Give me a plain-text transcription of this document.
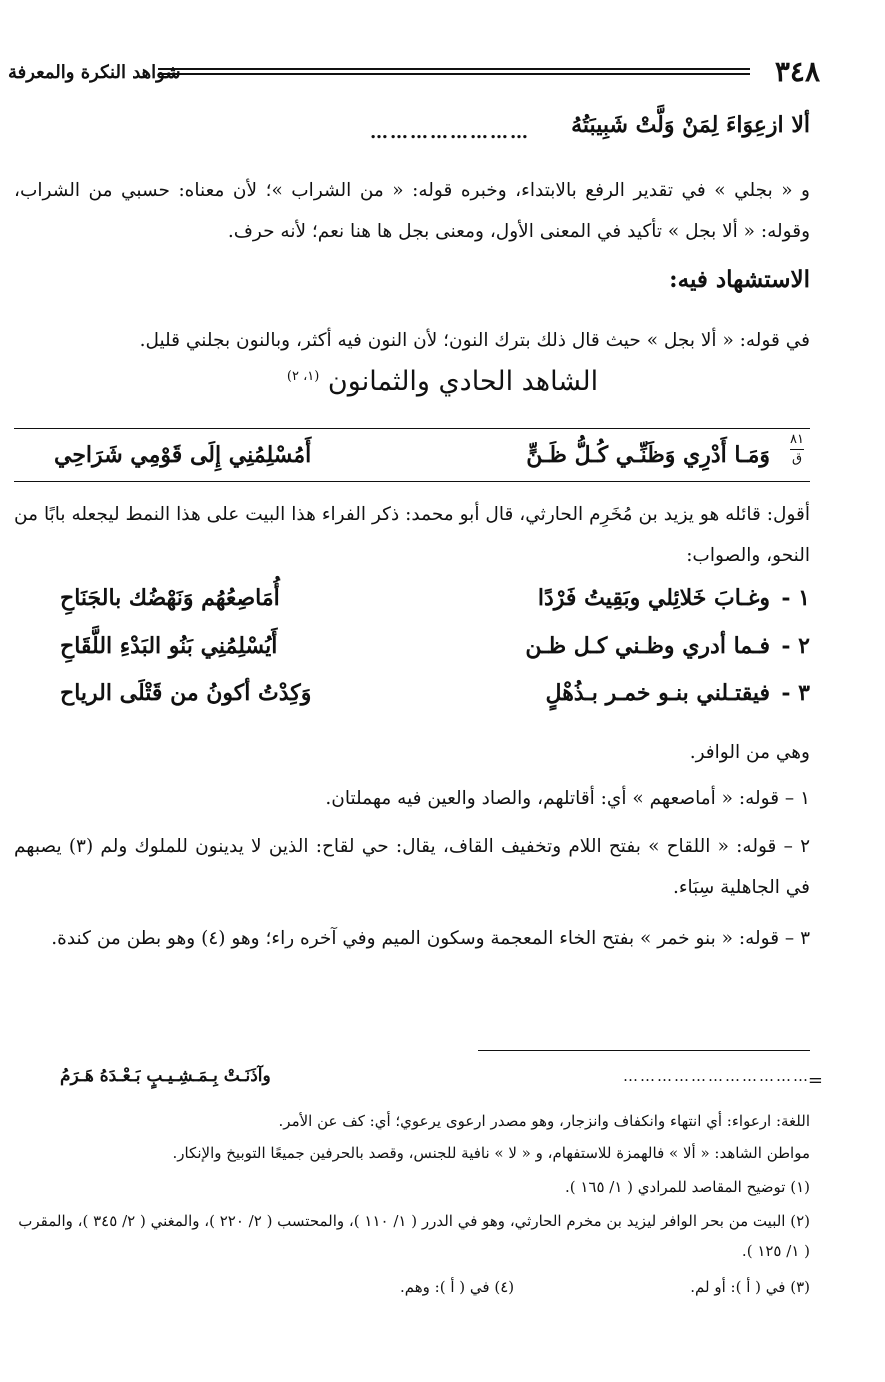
٣٤٨
شواهد النكرة والمعرفة
ألا ازعِوَاءَ لِمَنْ وَلَّتْ شَبِيبَتُهُ
……………………
و « بجلي » في تقدير الرفع بالابتداء، وخبره قوله: « من الشراب »؛ لأن معناه: حسبي من الشراب، وقوله: « ألا بجل » تأكيد في المعنى الأول، ومعنى بجل ها هنا نعم؛ لأنه حرف.
الاستشهاد فيه:
في قوله: « ألا بجل » حيث قال ذلك بترك النون؛ لأن النون فيه أكثر، وبالنون بجلني قليل.
الشاهد الحادي والثمانون $^{(١، ٢)}$
٨١
ق
وَمَـا أَدْرِي وَظَنِّـي كُـلُّ ظَـنٍّ
أَمُسْلِمُنِي إِلَى قَوْمِي شَرَاحِي
أقول: قائله هو يزيد بن مُخَرِم الحارثي، قال أبو محمد: ذكر الفراء هذا البيت على هذا النمط ليجعله بابًا من النحو، والصواب:
١ -
وغـابَ خَلائِلي وبَقِيتُ فَرْدًا
أُمَاصِعُهُم وَنَهْضُك بالجَنَاحِ
٢ -
فـما أدري وظـني كـل ظـن
أَيُسْلِمُنِي بَنُو البَدْءِ اللَّقَاحِ
٣ -
فيقتـلني بنـو خمـر بـذُهْلٍ
وَكِدْتُ أكونُ من قَتْلَى الرياح
وهي من الوافر.
١ – قوله: « أماصعهم » أي: أقاتلهم، والصاد والعين فيه مهملتان.
٢ – قوله: « اللقاح » بفتح اللام وتخفيف القاف، يقال: حي لقاح: الذين لا يدينون للملوك ولم (٣) يصبهم في الجاهلية سِبَاء.
٣ – قوله: « بنو خمر » بفتح الخاء المعجمة وسكون الميم وفي آخره راء؛ وهو (٤) وهو بطن من كندة.
=
……………………………
وآذَنَـتْ بِـمَـشِـيـبٍ بَـعْـدَهُ هَـرَمُ
اللغة: ارعواء: أي انتهاء وانكفاف وانزجار، وهو مصدر ارعوى يرعوي؛ أي: كف عن الأمر.
مواطن الشاهد: « ألا » فالهمزة للاستفهام، و « لا » نافية للجنس، وقصد بالحرفين جميعًا التوبيخ والإنكار.
(١) توضيح المقاصد للمرادي ( ١/ ١٦٥ ).
(٢) البيت من بحر الوافر ليزيد بن مخرم الحارثي، وهو في الدرر ( ١/ ١١٠ )، والمحتسب ( ٢/ ٢٢٠ )، والمغني ( ٢/ ٣٤٥ )، والمقرب ( ١/ ١٢٥ ).
(٣) في ( أ ): أو لم.
(٤) في ( أ ): وهم.
